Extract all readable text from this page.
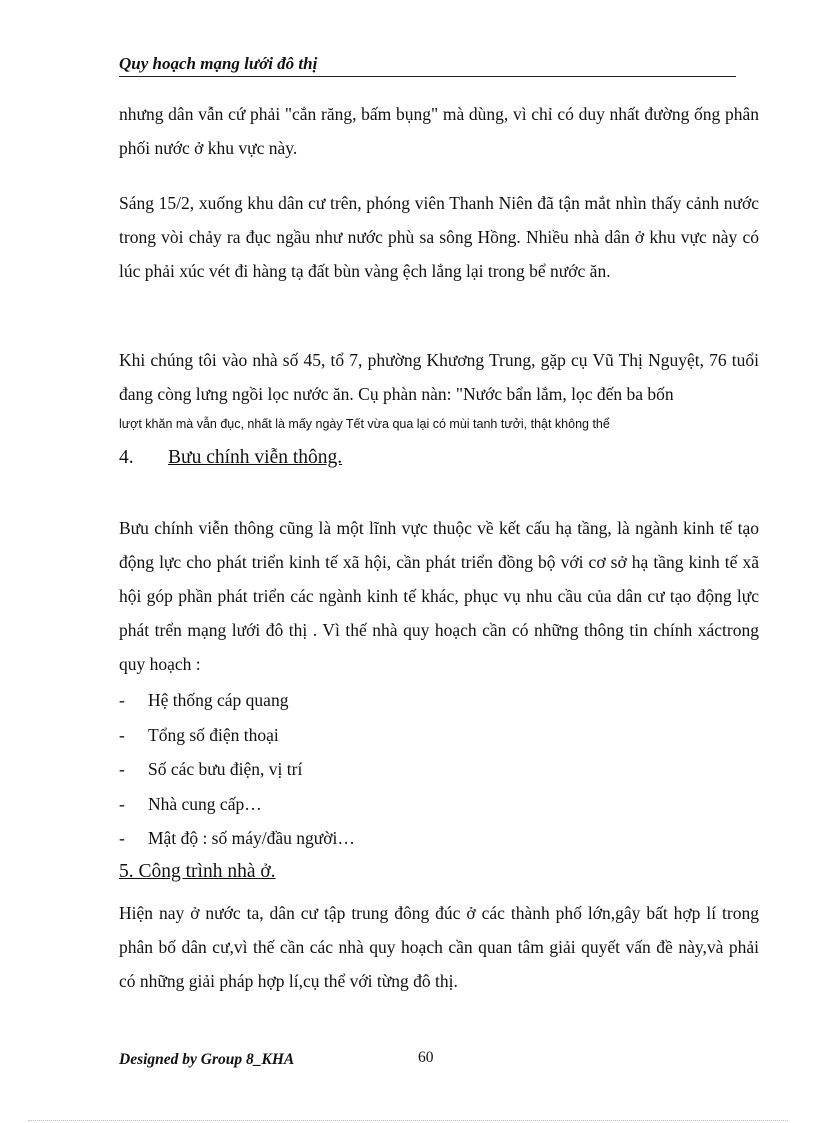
Quy hoạch mạng lưới đô thị

nhưng dân vẫn cứ phải "cắn răng, bấm bụng" mà dùng, vì chỉ có duy nhất đường ống phân phối nước ở khu vực này.

Sáng 15/2, xuống khu dân cư trên, phóng viên Thanh Niên đã tận mắt nhìn thấy cảnh nước trong vòi chảy ra đục ngầu như nước phù sa sông Hồng. Nhiều nhà dân ở khu vực này có lúc phải xúc vét đi hàng tạ đất bùn vàng ệch lắng lại trong bể nước ăn.

Khi chúng tôi vào nhà số 45, tổ 7, phường Khương Trung, gặp cụ Vũ Thị Nguyệt, 76 tuổi đang còng lưng ngồi lọc nước ăn. Cụ phàn nàn: "Nước bẩn lắm, lọc đến ba bốn

lượt khăn mà vẫn đục, nhất là mấy ngày Tết vừa qua lại có mùi tanh tưởi, thật không thể

4. Bưu chính viễn thông.

Bưu chính viễn thông cũng là một lĩnh vực thuộc về kết cấu hạ tầng, là ngành kinh tế tạo động lực cho phát triển kinh tế xã hội, cần phát triển đồng bộ với cơ sở hạ tầng kinh tế xã hội góp phần phát triển các ngành kinh tế khác, phục vụ nhu cầu của dân cư tạo động lực phát trển mạng lưới đô thị . Vì thế nhà quy hoạch cần có những thông tin chính xáctrong quy hoạch :

- Hệ thống cáp quang
- Tổng số điện thoại
- Số các bưu điện, vị trí
- Nhà cung cấp…
- Mật độ : số máy/đầu người…
5. Công trình nhà ở.

Hiện nay ở nước ta, dân cư tập trung đông đúc ở các thành phố lớn,gây bất hợp lí trong phân bố dân cư,vì thế cần các nhà quy hoạch cần quan tâm giải quyết vấn đề này,và phải có những giải pháp hợp lí,cụ thể với từng đô thị.

Designed by Group 8_KHA	60
